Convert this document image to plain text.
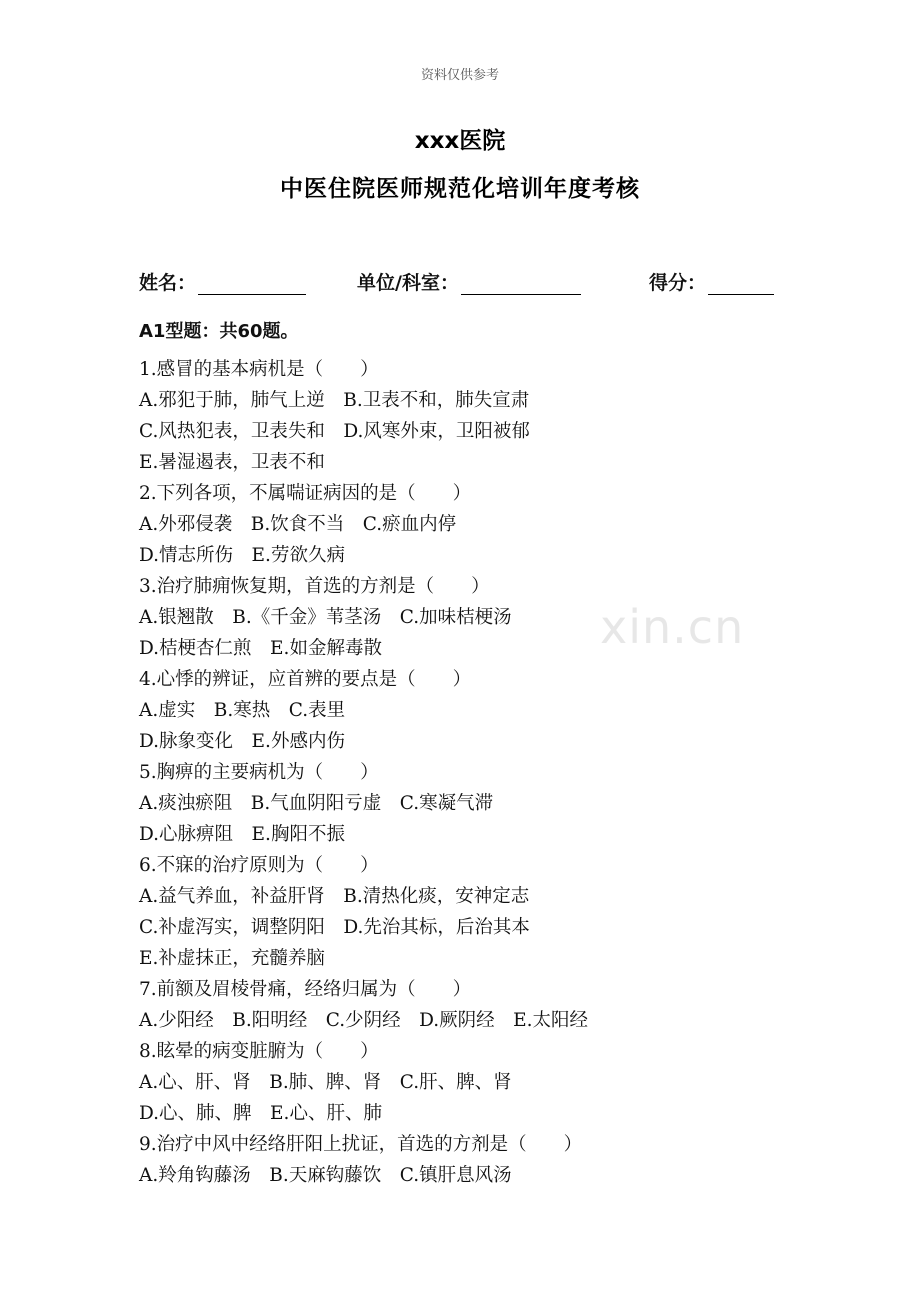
资料仅供参考
xxx医院
中医住院医师规范化培训年度考核
姓名：	单位/科室：	得分：
A1型题：共60题。
xin.cn
1.感冒的基本病机是（　　）
A.邪犯于肺，肺气上逆　B.卫表不和，肺失宣肃
C.风热犯表，卫表失和　D.风寒外束，卫阳被郁
E.暑湿遏表，卫表不和
2.下列各项，不属喘证病因的是（　　）
A.外邪侵袭　B.饮食不当　C.瘀血内停
D.情志所伤　E.劳欲久病
3.治疗肺痈恢复期，首选的方剂是（　　）
A.银翘散　B.《千金》苇茎汤　C.加味桔梗汤
D.桔梗杏仁煎　E.如金解毒散
4.心悸的辨证，应首辨的要点是（　　）
A.虚实　B.寒热　C.表里
D.脉象变化　E.外感内伤
5.胸痹的主要病机为（　　）
A.痰浊瘀阻　B.气血阴阳亏虚　C.寒凝气滞
D.心脉痹阻　E.胸阳不振
6.不寐的治疗原则为（　　）
A.益气养血，补益肝肾　B.清热化痰，安神定志
C.补虚泻实，调整阴阳　D.先治其标，后治其本
E.补虚抹正，充髓养脑
7.前额及眉棱骨痛，经络归属为（　　）
A.少阳经　B.阳明经　C.少阴经　D.厥阴经　E.太阳经
8.眩晕的病变脏腑为（　　）
A.心、肝、肾　B.肺、脾、肾　C.肝、脾、肾
D.心、肺、脾　E.心、肝、肺
9.治疗中风中经络肝阳上扰证，首选的方剂是（　　）
A.羚角钩藤汤　B.天麻钩藤饮　C.镇肝息风汤
